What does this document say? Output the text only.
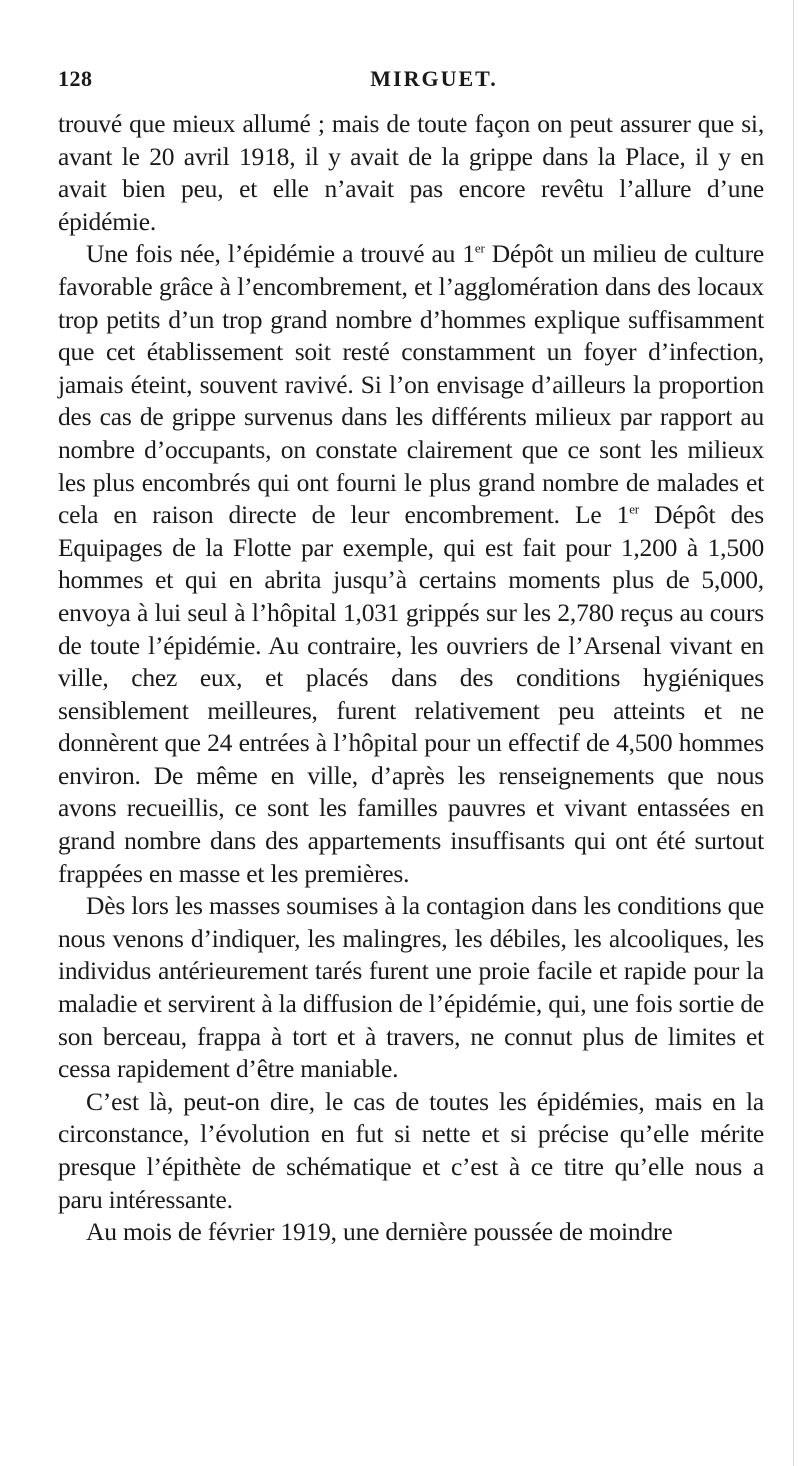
128	MIRGUET.

trouvé que mieux allumé ; mais de toute façon on peut assurer que si, avant le 20 avril 1918, il y avait de la grippe dans la Place, il y en avait bien peu, et elle n’avait pas encore revêtu l’allure d’une épidémie.

Une fois née, l’épidémie a trouvé au 1er Dépôt un milieu de culture favorable grâce à l’encombrement, et l’agglomération dans des locaux trop petits d’un trop grand nombre d’hommes explique suffisamment que cet établissement soit resté constamment un foyer d’infection, jamais éteint, souvent ravivé. Si l’on envisage d’ailleurs la proportion des cas de grippe survenus dans les différents milieux par rapport au nombre d’occupants, on constate clairement que ce sont les milieux les plus encombrés qui ont fourni le plus grand nombre de malades et cela en raison directe de leur encombrement. Le 1er Dépôt des Equipages de la Flotte par exemple, qui est fait pour 1,200 à 1,500 hommes et qui en abrita jusqu’à certains moments plus de 5,000, envoya à lui seul à l’hôpital 1,031 grippés sur les 2,780 reçus au cours de toute l’épidémie. Au contraire, les ouvriers de l’Arsenal vivant en ville, chez eux, et placés dans des conditions hygiéniques sensiblement meilleures, furent relativement peu atteints et ne donnèrent que 24 entrées à l’hôpital pour un effectif de 4,500 hommes environ. De même en ville, d’après les renseignements que nous avons recueillis, ce sont les familles pauvres et vivant entassées en grand nombre dans des appartements insuffisants qui ont été surtout frappées en masse et les premières.

Dès lors les masses soumises à la contagion dans les conditions que nous venons d’indiquer, les malingres, les débiles, les alcooliques, les individus antérieurement tarés furent une proie facile et rapide pour la maladie et servirent à la diffusion de l’épidémie, qui, une fois sortie de son berceau, frappa à tort et à travers, ne connut plus de limites et cessa rapidement d’être maniable.

C’est là, peut-on dire, le cas de toutes les épidémies, mais en la circonstance, l’évolution en fut si nette et si précise qu’elle mérite presque l’épithète de schématique et c’est à ce titre qu’elle nous a paru intéressante.

Au mois de février 1919, une dernière poussée de moindre
